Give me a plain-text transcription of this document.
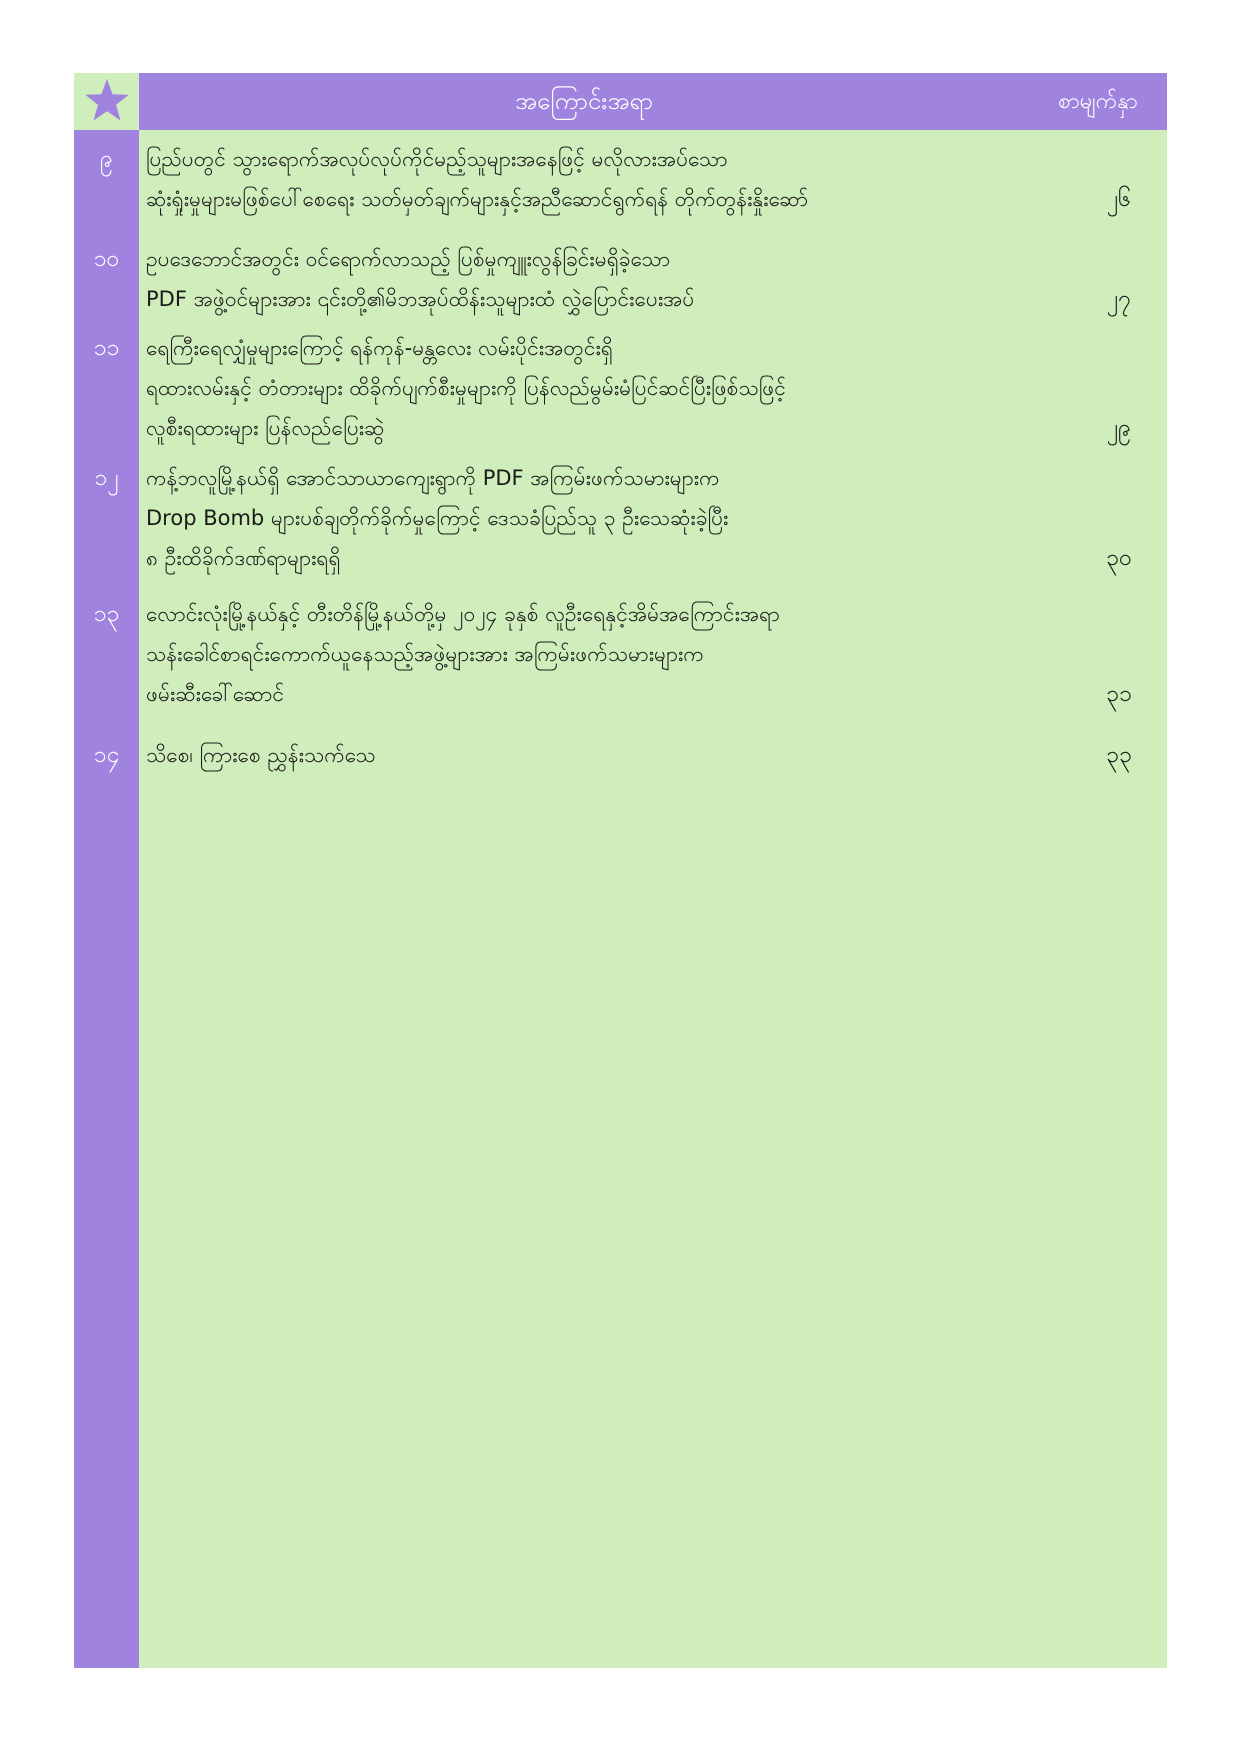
အကြောင်းအရာ	စာမျက်နှာ
၉	ပြည်ပတွင် သွားရောက်အလုပ်လုပ်ကိုင်မည့်သူများအနေဖြင့် မလိုလားအပ်သော
ဆုံးရှုံးမှုများမဖြစ်ပေါ်စေရေး သတ်မှတ်ချက်များနှင့်အညီဆောင်ရွက်ရန် တိုက်တွန်းနှိုးဆော်	၂၆
၁၀	ဥပဒေဘောင်အတွင်း ဝင်ရောက်လာသည့် ပြစ်မှုကျူးလွန်ခြင်းမရှိခဲ့သော
PDF အဖွဲ့ဝင်များအား ၎င်းတို့၏မိဘအုပ်ထိန်းသူများထံ လွှဲပြောင်းပေးအပ်	၂၇
၁၁	ရေကြီးရေလျှံမှုများကြောင့် ရန်ကုန်-မန္တလေး လမ်းပိုင်းအတွင်းရှိ
ရထားလမ်းနှင့် တံတားများ ထိခိုက်ပျက်စီးမှုများကို ပြန်လည်မွမ်းမံပြင်ဆင်ပြီးဖြစ်သဖြင့်
လူစီးရထားများ ပြန်လည်ပြေးဆွဲ	၂၉
၁၂	ကန့်ဘလူမြို့နယ်ရှိ အောင်သာယာကျေးရွာကို PDF အကြမ်းဖက်သမားများက
Drop Bomb များပစ်ချတိုက်ခိုက်မှုကြောင့် ဒေသခံပြည်သူ ၃ ဦးသေဆုံးခဲ့ပြီး
၈ ဦးထိခိုက်ဒဏ်ရာများရရှိ	၃၀
၁၃	လောင်းလုံးမြို့နယ်နှင့် တီးတိန်မြို့နယ်တို့မှ ၂၀၂၄ ခုနှစ် လူဦးရေနှင့်အိမ်အကြောင်းအရာ
သန်းခေါင်စာရင်းကောက်ယူနေသည့်အဖွဲ့များအား အကြမ်းဖက်သမားများက
ဖမ်းဆီးခေါ်ဆောင်	၃၁
၁၄	သိစေ၊ ကြားစေ ညွှန်းသက်သေ	၃၃
